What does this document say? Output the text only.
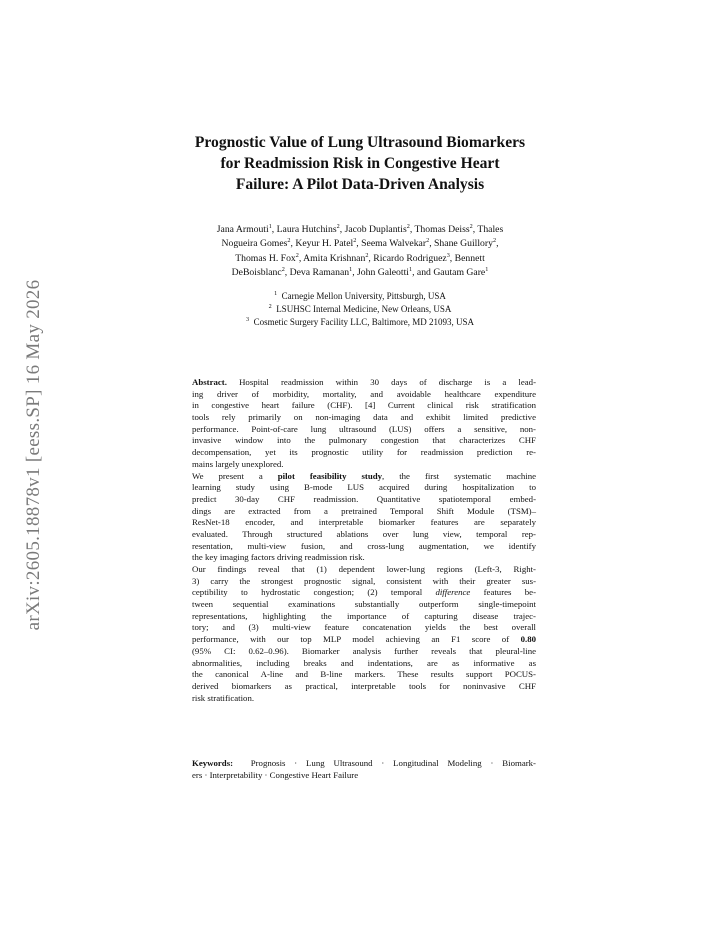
arXiv:2605.18878v1 [eess.SP] 16 May 2026
Prognostic Value of Lung Ultrasound Biomarkers
for Readmission Risk in Congestive Heart
Failure: A Pilot Data-Driven Analysis
Jana Armouti$^1$, Laura Hutchins$^2$, Jacob Duplantis$^2$, Thomas Deiss$^2$, Thales
Nogueira Gomes$^2$, Keyur H. Patel$^2$, Seema Walvekar$^2$, Shane Guillory$^2$,
Thomas H. Fox$^2$, Amita Krishnan$^2$, Ricardo Rodriguez$^3$, Bennett
DeBoisblanc$^2$, Deva Ramanan$^1$, John Galeotti$^1$, and Gautam Gare$^1$
$^1$ Carnegie Mellon University, Pittsburgh, USA
$^2$ LSUHSC Internal Medicine, New Orleans, USA
$^3$ Cosmetic Surgery Facility LLC, Baltimore, MD 21093, USA
Abstract. Hospital readmission within 30 days of discharge is a lead-
ing driver of morbidity, mortality, and avoidable healthcare expenditure
in congestive heart failure (CHF). [4] Current clinical risk stratification
tools rely primarily on non-imaging data and exhibit limited predictive
performance. Point-of-care lung ultrasound (LUS) offers a sensitive, non-
invasive window into the pulmonary congestion that characterizes CHF
decompensation, yet its prognostic utility for readmission prediction re-
mains largely unexplored.
We present a pilot feasibility study, the first systematic machine
learning study using B-mode LUS acquired during hospitalization to
predict 30-day CHF readmission. Quantitative spatiotemporal embed-
dings are extracted from a pretrained Temporal Shift Module (TSM)–
ResNet-18 encoder, and interpretable biomarker features are separately
evaluated. Through structured ablations over lung view, temporal rep-
resentation, multi-view fusion, and cross-lung augmentation, we identify
the key imaging factors driving readmission risk.
Our findings reveal that (1) dependent lower-lung regions (Left-3, Right-
3) carry the strongest prognostic signal, consistent with their greater sus-
ceptibility to hydrostatic congestion; (2) temporal difference features be-
tween sequential examinations substantially outperform single-timepoint
representations, highlighting the importance of capturing disease trajec-
tory; and (3) multi-view feature concatenation yields the best overall
performance, with our top MLP model achieving an F1 score of 0.80
(95% CI: 0.62–0.96). Biomarker analysis further reveals that pleural-line
abnormalities, including breaks and indentations, are as informative as
the canonical A-line and B-line markers. These results support POCUS-
derived biomarkers as practical, interpretable tools for noninvasive CHF
risk stratification.
Keywords: Prognosis · Lung Ultrasound · Longitudinal Modeling · Biomark-
ers · Interpretability · Congestive Heart Failure
